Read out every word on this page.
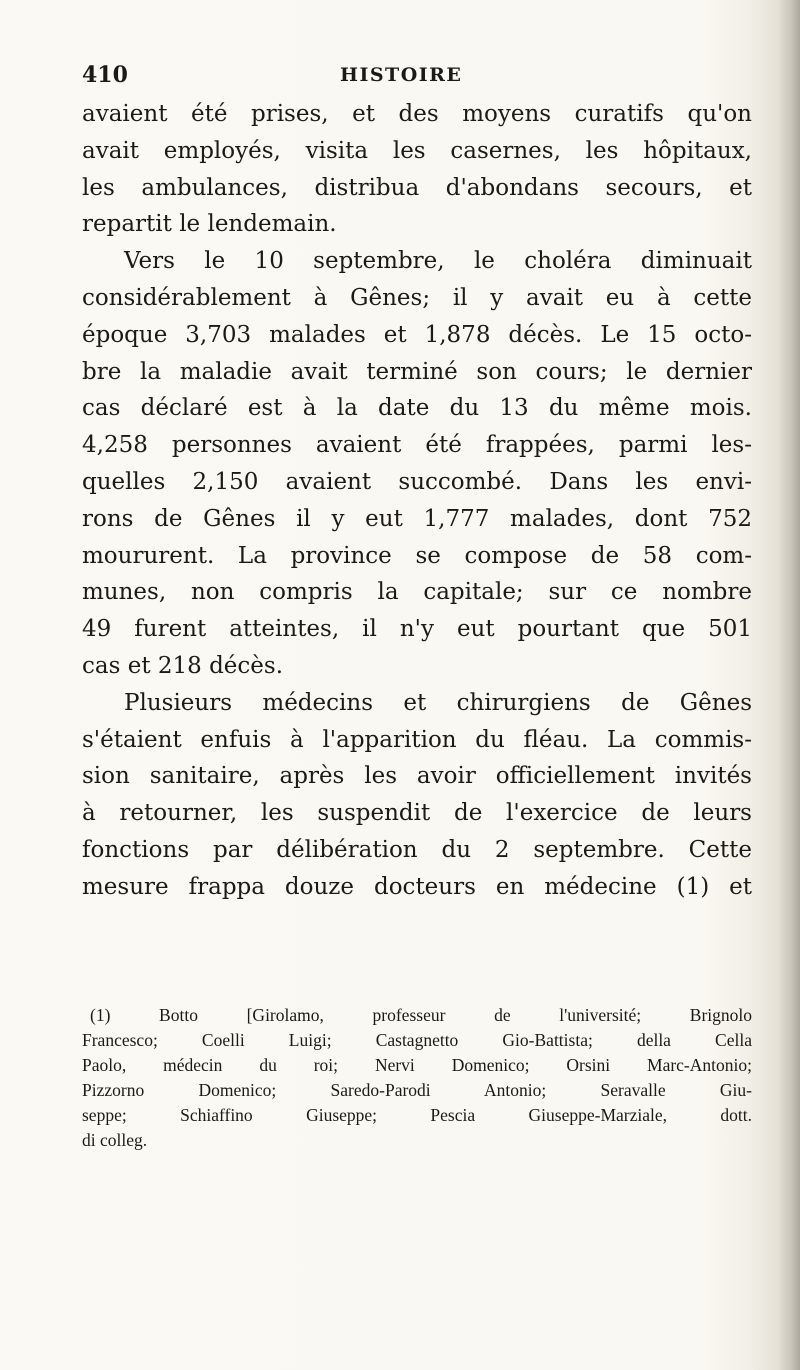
410	HISTOIRE
avaient été prises, et des moyens curatifs qu'on
avait employés, visita les casernes, les hôpitaux,
les ambulances, distribua d'abondans secours, et
repartit le lendemain.
Vers le 10 septembre, le choléra diminuait
considérablement à Gênes; il y avait eu à cette
époque 3,703 malades et 1,878 décès. Le 15 octo-
bre la maladie avait terminé son cours; le dernier
cas déclaré est à la date du 13 du même mois.
4,258 personnes avaient été frappées, parmi les-
quelles 2,150 avaient succombé. Dans les envi-
rons de Gênes il y eut 1,777 malades, dont 752
moururent. La province se compose de 58 com-
munes, non compris la capitale; sur ce nombre
49 furent atteintes, il n'y eut pourtant que 501
cas et 218 décès.
Plusieurs médecins et chirurgiens de Gênes
s'étaient enfuis à l'apparition du fléau. La commis-
sion sanitaire, après les avoir officiellement invités
à retourner, les suspendit de l'exercice de leurs
fonctions par délibération du 2 septembre. Cette
mesure frappa douze docteurs en médecine (1) et
(1) Botto [Girolamo, professeur de l'université; Brignolo
Francesco; Coelli Luigi; Castagnetto Gio-Battista; della Cella
Paolo, médecin du roi; Nervi Domenico; Orsini Marc-Antonio;
Pizzorno Domenico; Saredo-Parodi Antonio; Seravalle Giu-
seppe; Schiaffino Giuseppe; Pescia Giuseppe-Marziale, dott.
di colleg.
